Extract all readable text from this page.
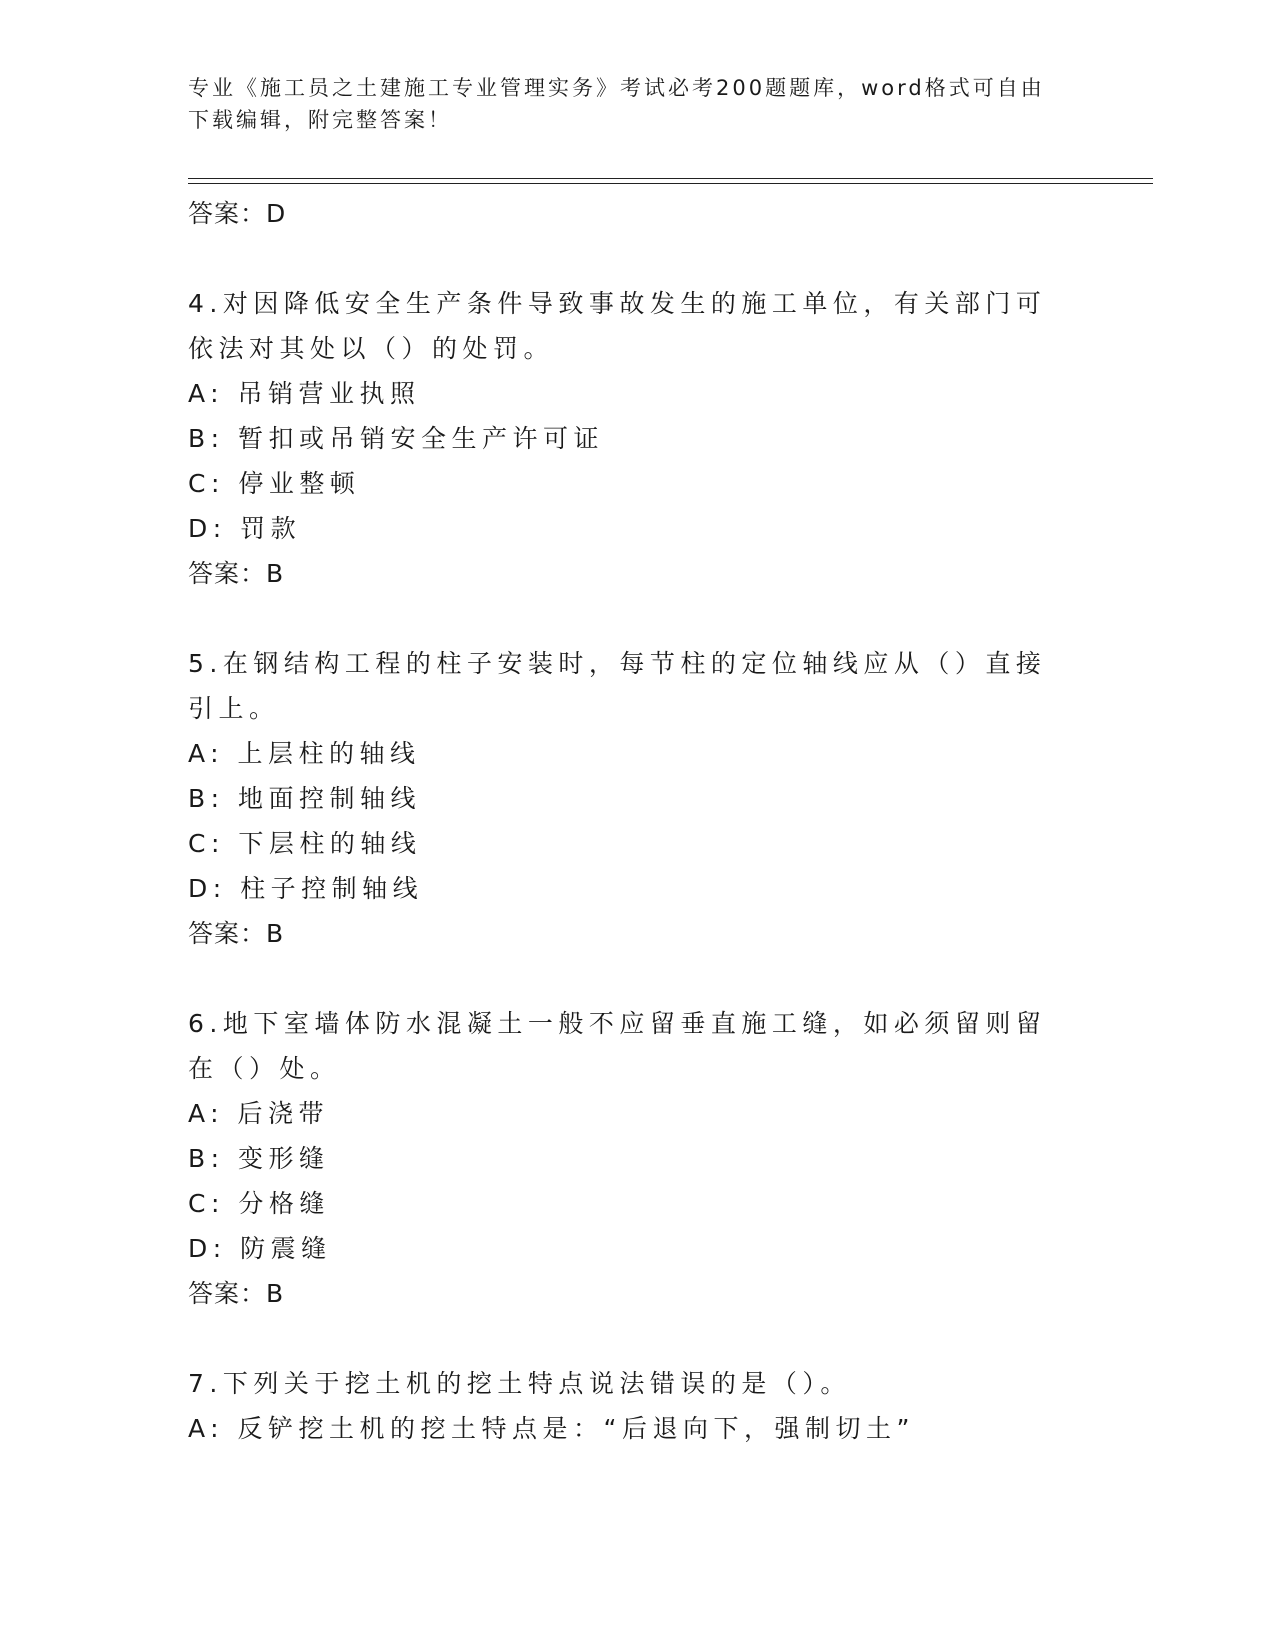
专业《施工员之土建施工专业管理实务》考试必考200题题库，word格式可自由下载编辑，附完整答案！
答案：D
4.对因降低安全生产条件导致事故发生的施工单位，有关部门可依法对其处以（）的处罚。
A: 吊销营业执照
B: 暂扣或吊销安全生产许可证
C: 停业整顿
D: 罚款
答案：B
5.在钢结构工程的柱子安装时，每节柱的定位轴线应从（）直接引上。
A: 上层柱的轴线
B: 地面控制轴线
C: 下层柱的轴线
D: 柱子控制轴线
答案：B
6.地下室墙体防水混凝土一般不应留垂直施工缝，如必须留则留在（）处。
A: 后浇带
B: 变形缝
C: 分格缝
D: 防震缝
答案：B
7.下列关于挖土机的挖土特点说法错误的是（）。
A: 反铲挖土机的挖土特点是：“后退向下，强制切土”
